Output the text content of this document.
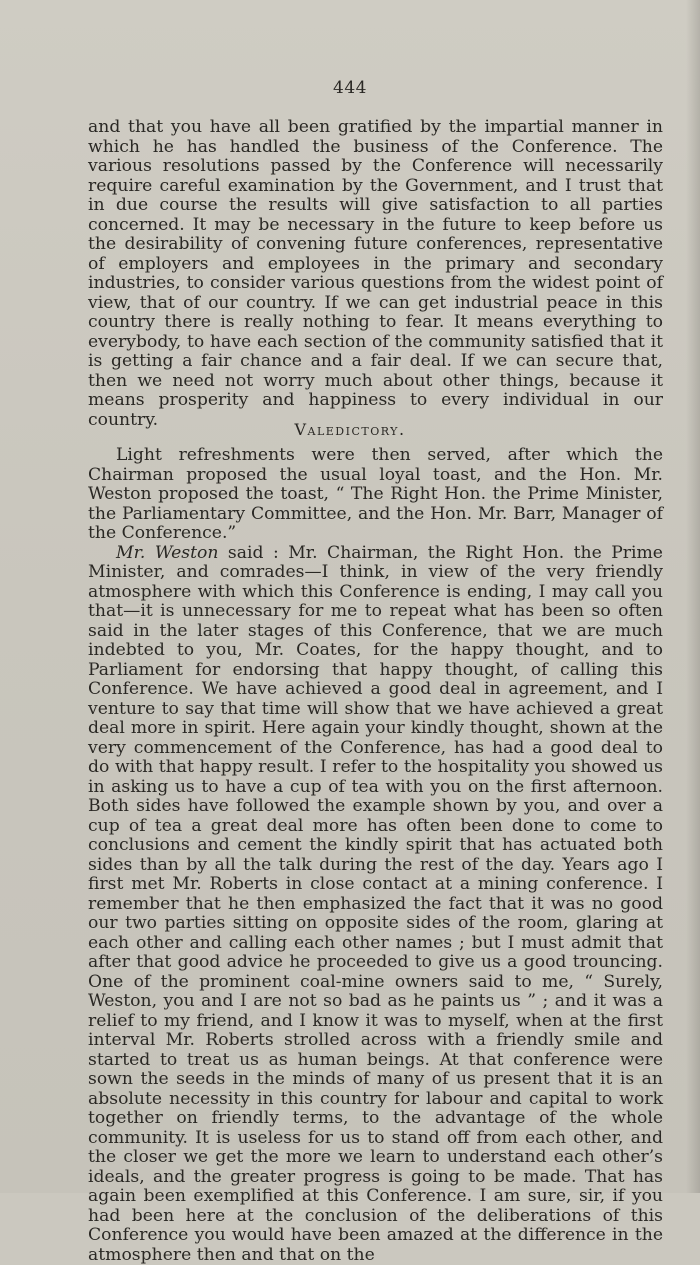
444

and that you have all been gratified by the impartial manner in which he has handled the business of the Conference. The various resolutions passed by the Conference will necessarily require careful examination by the Government, and I trust that in due course the results will give satisfaction to all parties concerned. It may be necessary in the future to keep before us the desirability of convening future conferences, representative of employers and employees in the primary and secondary industries, to consider various questions from the widest point of view, that of our country. If we can get industrial peace in this country there is really nothing to fear. It means everything to everybody, to have each section of the community satisfied that it is getting a fair chance and a fair deal. If we can secure that, then we need not worry much about other things, because it means prosperity and happiness to every individual in our country.	Valedictory.

Light refreshments were then served, after which the Chairman proposed the usual loyal toast, and the Hon. Mr. Weston proposed the toast, “ The Right Hon. the Prime Minister, the Parliamentary Committee, and the Hon. Mr. Barr, Manager of the Conference.”

Mr. Weston said : Mr. Chairman, the Right Hon. the Prime Minister, and comrades—I think, in view of the very friendly atmosphere with which this Conference is ending, I may call you that—it is unnecessary for me to repeat what has been so often said in the later stages of this Conference, that we are much indebted to you, Mr. Coates, for the happy thought, and to Parliament for endorsing that happy thought, of calling this Conference. We have achieved a good deal in agreement, and I venture to say that time will show that we have achieved a great deal more in spirit. Here again your kindly thought, shown at the very commencement of the Conference, has had a good deal to do with that happy result. I refer to the hospitality you showed us in asking us to have a cup of tea with you on the first afternoon. Both sides have followed the example shown by you, and over a cup of tea a great deal more has often been done to come to conclusions and cement the kindly spirit that has actuated both sides than by all the talk during the rest of the day. Years ago I first met Mr. Roberts in close contact at a mining conference. I remember that he then emphasized the fact that it was no good our two parties sitting on opposite sides of the room, glaring at each other and calling each other names ; but I must admit that after that good advice he proceeded to give us a good trouncing. One of the prominent coal-mine owners said to me, “ Surely, Weston, you and I are not so bad as he paints us ” ; and it was a relief to my friend, and I know it was to myself, when at the first interval Mr. Roberts strolled across with a friendly smile and started to treat us as human beings. At that conference were sown the seeds in the minds of many of us present that it is an absolute necessity in this country for labour and capital to work together on friendly terms, to the advantage of the whole community. It is useless for us to stand off from each other, and the closer we get the more we learn to understand each other’s ideals, and the greater progress is going to be made. That has again been exemplified at this Conference. I am sure, sir, if you had been here at the conclusion of the deliberations of this Conference you would have been amazed at the difference in the atmosphere then and that on the
